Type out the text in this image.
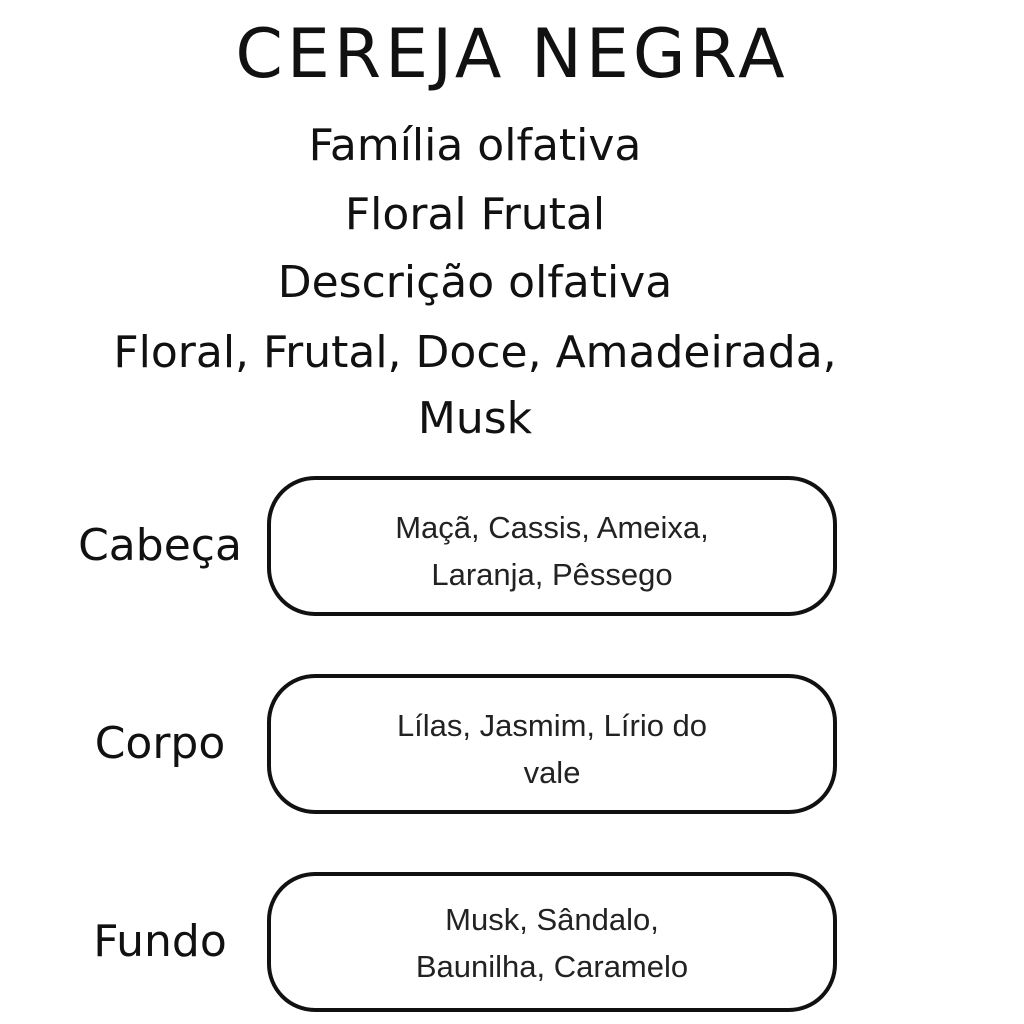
CEREJA NEGRA
Família olfativa
Floral Frutal
Descrição olfativa
Floral, Frutal, Doce, Amadeirada,
Musk
Cabeça	Maçã, Cassis, Ameixa,
Laranja, Pêssego
Corpo	Lílas, Jasmim, Lírio do
vale
Fundo	Musk, Sândalo,
Baunilha, Caramelo
